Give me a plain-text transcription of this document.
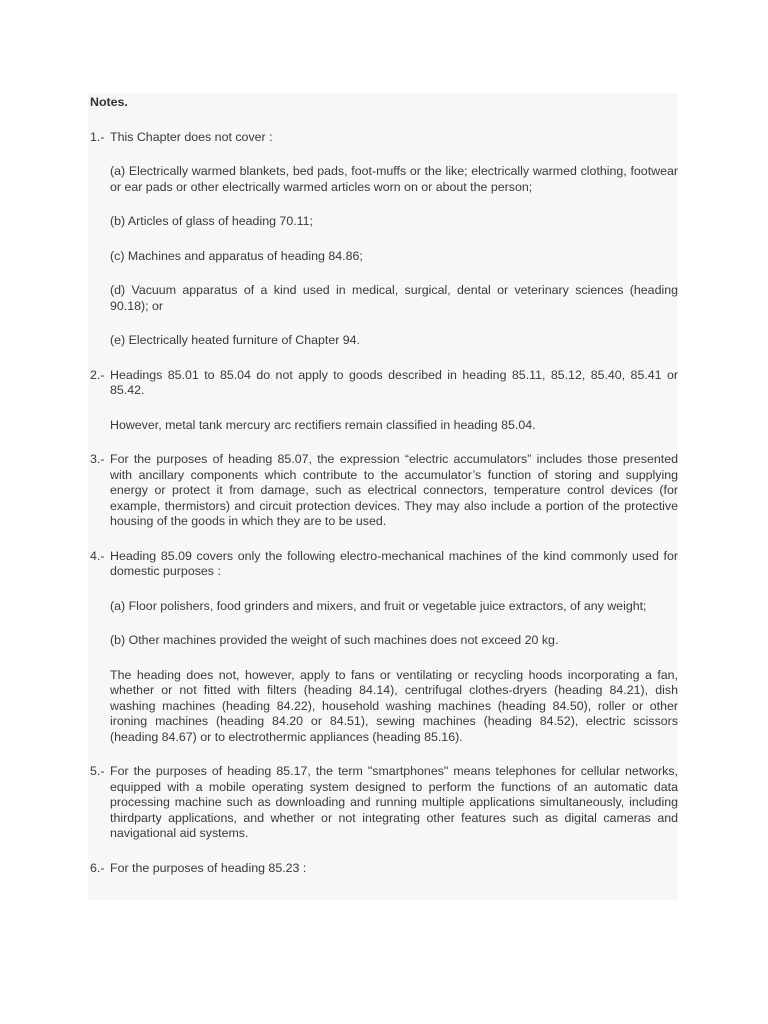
Notes.
1.- This Chapter does not cover :
(a) Electrically warmed blankets, bed pads, foot-muffs or the like; electrically warmed clothing, footwear or ear pads or other electrically warmed articles worn on or about the person;
(b) Articles of glass of heading 70.11;
(c) Machines and apparatus of heading 84.86;
(d) Vacuum apparatus of a kind used in medical, surgical, dental or veterinary sciences (heading 90.18); or
(e) Electrically heated furniture of Chapter 94.
2.- Headings 85.01 to 85.04 do not apply to goods described in heading 85.11, 85.12, 85.40, 85.41 or 85.42.
However, metal tank mercury arc rectifiers remain classified in heading 85.04.
3.- For the purposes of heading 85.07, the expression “electric accumulators” includes those presented with ancillary components which contribute to the accumulator’s function of storing and supplying energy or protect it from damage, such as electrical connectors, temperature control devices (for example, thermistors) and circuit protection devices. They may also include a portion of the protective housing of the goods in which they are to be used.
4.- Heading 85.09 covers only the following electro-mechanical machines of the kind commonly used for domestic purposes :
(a) Floor polishers, food grinders and mixers, and fruit or vegetable juice extractors, of any weight;
(b) Other machines provided the weight of such machines does not exceed 20 kg.
The heading does not, however, apply to fans or ventilating or recycling hoods incorporating a fan, whether or not fitted with filters (heading 84.14), centrifugal clothes-dryers (heading 84.21), dish washing machines (heading 84.22), household washing machines (heading 84.50), roller or other ironing machines (heading 84.20 or 84.51), sewing machines (heading 84.52), electric scissors (heading 84.67) or to electrothermic appliances (heading 85.16).
5.- For the purposes of heading 85.17, the term "smartphones" means telephones for cellular networks, equipped with a mobile operating system designed to perform the functions of an automatic data processing machine such as downloading and running multiple applications simultaneously, including thirdparty applications, and whether or not integrating other features such as digital cameras and navigational aid systems.
6.- For the purposes of heading 85.23 :
